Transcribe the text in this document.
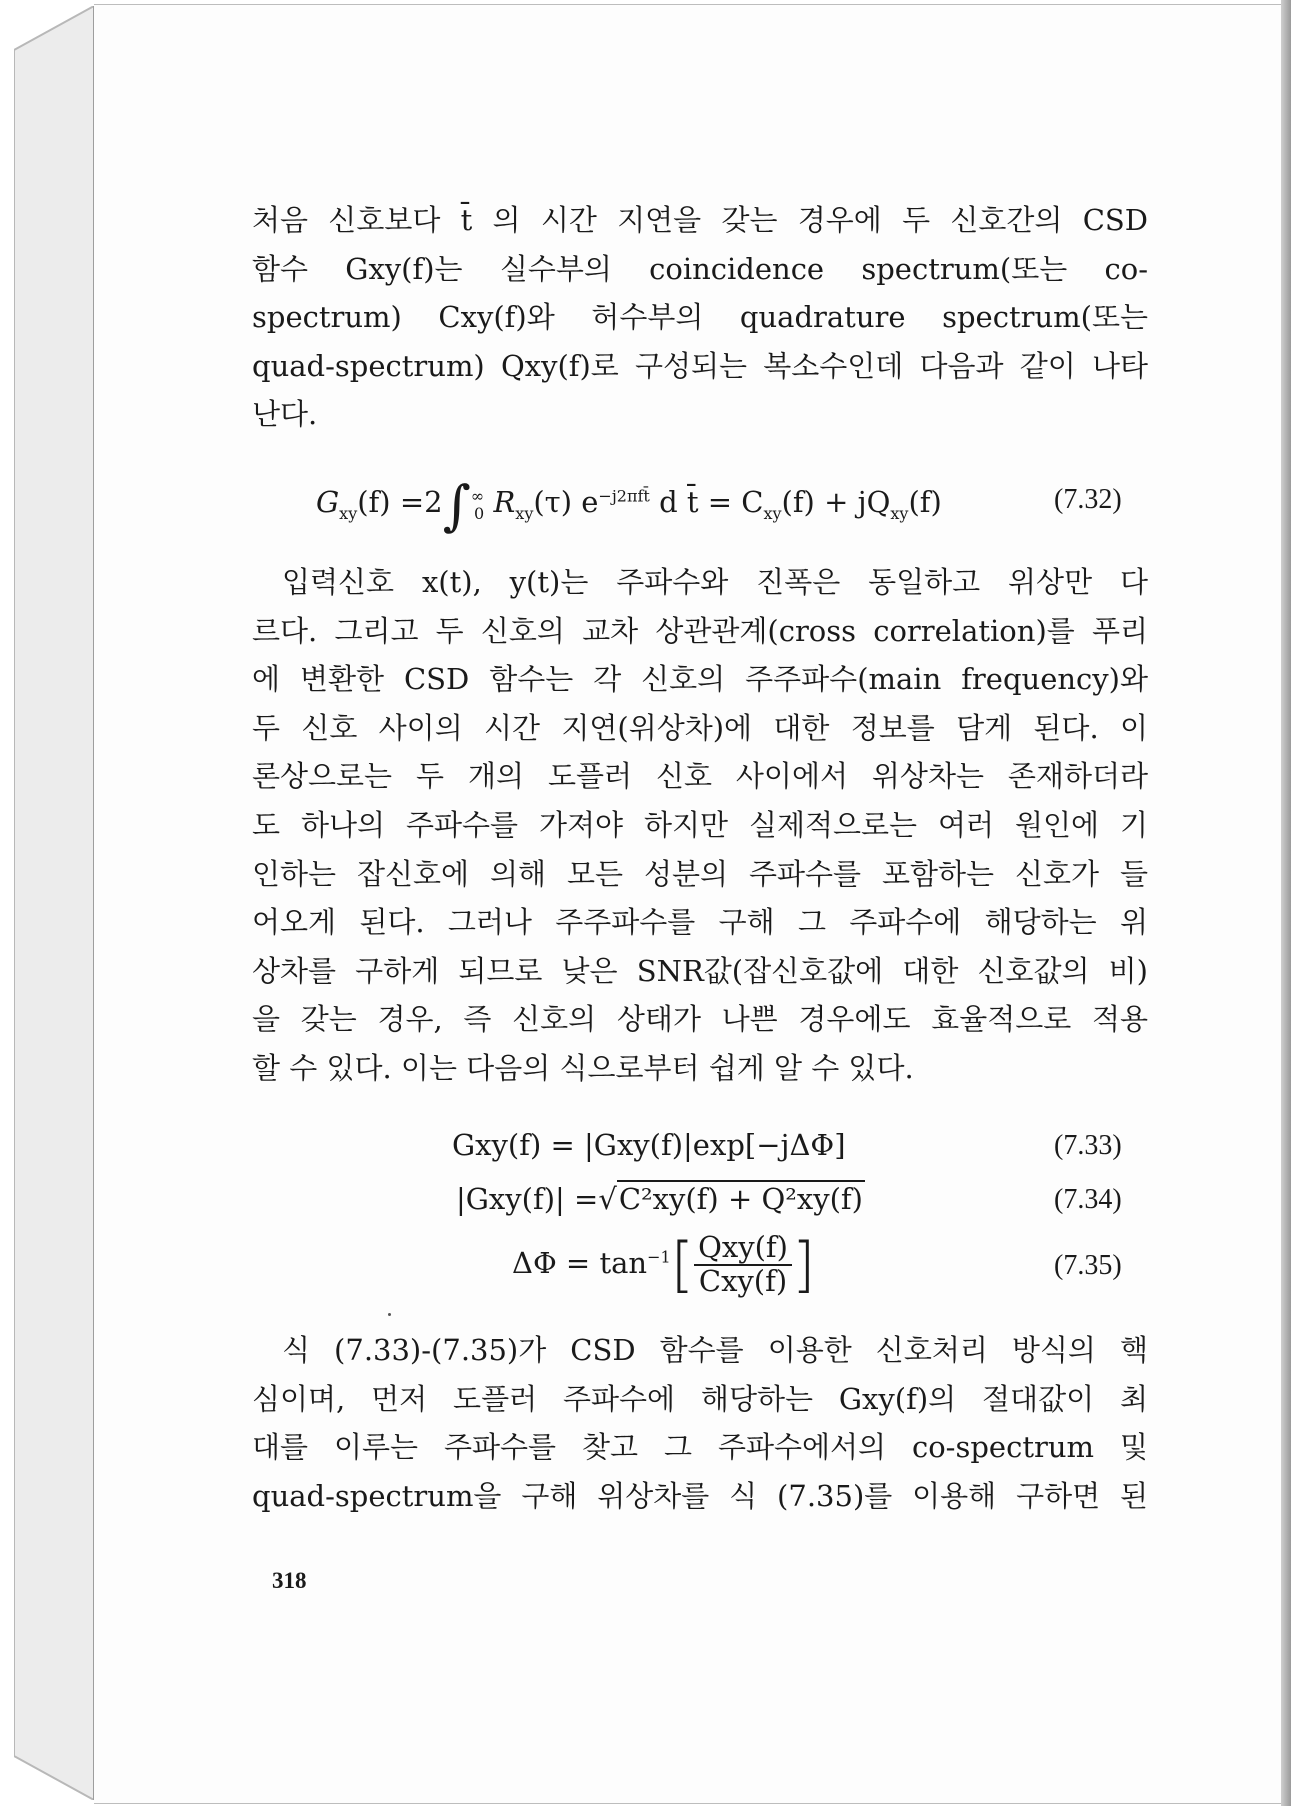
처음 신호보다 t̄ 의 시간 지연을 갖는 경우에 두 신호간의 CSD
함수 Gxy(f)는 실수부의 coincidence spectrum(또는 co-
spectrum) Cxy(f)와 허수부의 quadrature spectrum(또는
quad-spectrum) Qxy(f)로 구성되는 복소수인데 다음과 같이 나타
난다.
$G_{xy}(f) =2\int^\infty_0$ $R_{xy}(\tau)$ $e^{-j2\pi ft̄}$ d t̄ = $C_{xy}(f) + jQ_{xy}(f)$	(7.32)
입력신호 x(t), y(t)는 주파수와 진폭은 동일하고 위상만 다
르다. 그리고 두 신호의 교차 상관관계(cross correlation)를 푸리
에 변환한 CSD 함수는 각 신호의 주주파수(main frequency)와
두 신호 사이의 시간 지연(위상차)에 대한 정보를 담게 된다. 이
론상으로는 두 개의 도플러 신호 사이에서 위상차는 존재하더라
도 하나의 주파수를 가져야 하지만 실제적으로는 여러 원인에 기
인하는 잡신호에 의해 모든 성분의 주파수를 포함하는 신호가 들
어오게 된다. 그러나 주주파수를 구해 그 주파수에 해당하는 위
상차를 구하게 되므로 낮은 SNR값(잡신호값에 대한 신호값의 비)
을 갖는 경우, 즉 신호의 상태가 나쁜 경우에도 효율적으로 적용
할 수 있다. 이는 다음의 식으로부터 쉽게 알 수 있다.
Gxy(f) = |Gxy(f)|exp[−jΔΦ]	(7.33)
|Gxy(f)| =√C²xy(f) + Q²xy(f)	(7.34)
$\Delta\Phi = \tan^{-1}[ \frac{\text{Qxy(f)}}{\text{Cxy(f)}}$ ]	(7.35)
식 (7.33)-(7.35)가 CSD 함수를 이용한 신호처리 방식의 핵
심이며, 먼저 도플러 주파수에 해당하는 Gxy(f)의 절대값이 최
대를 이루는 주파수를 찾고 그 주파수에서의 co-spectrum 및
quad-spectrum을 구해 위상차를 식 (7.35)를 이용해 구하면 된
318
